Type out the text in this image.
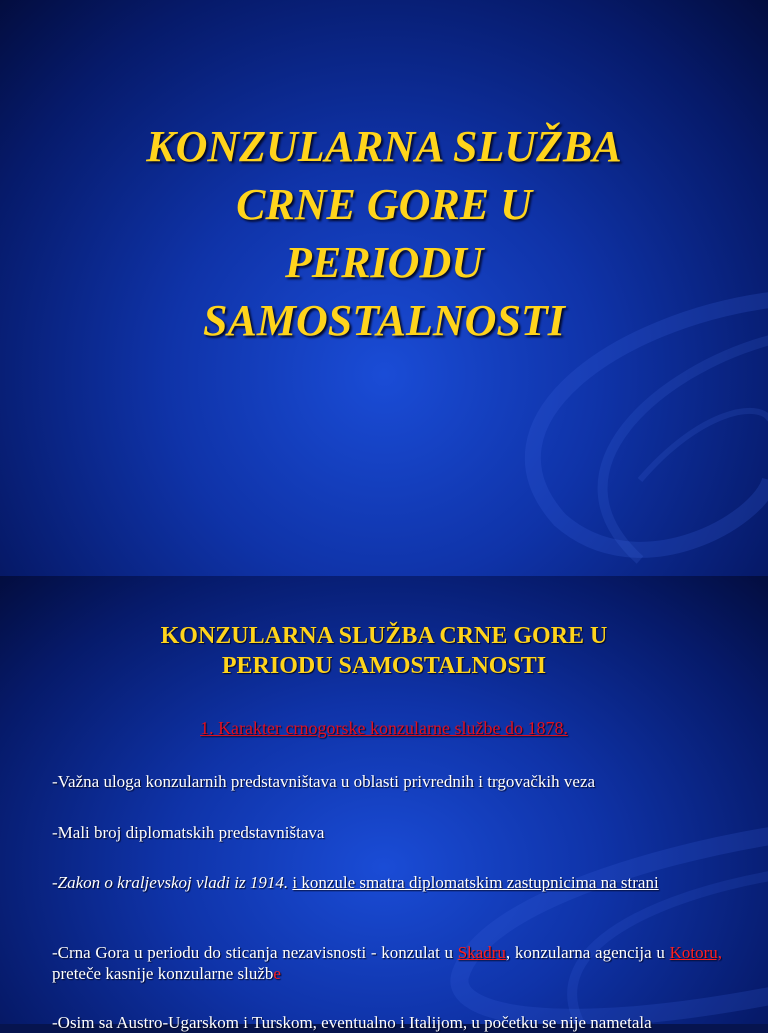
KONZULARNA SLUŽBA
CRNE GORE U
PERIODU
SAMOSTALNOSTI
KONZULARNA SLUŽBA CRNE GORE U
PERIODU SAMOSTALNOSTI

1. Karakter crnogorske konzularne službe do 1878.

-Važna uloga konzularnih predstavništava u oblasti privrednih i trgovačkih veza

-Mali broj diplomatskih predstavništava

-Zakon o kraljevskoj vladi iz 1914. i konzule smatra diplomatskim zastupnicima na strani

-Crna Gora u periodu do sticanja nezavisnosti - konzulat u Skadru, konzularna agencija u Kotoru, preteče kasnije konzularne službe

-Osim sa Austro-Ugarskom i Turskom, eventualno i Italijom, u početku se nije nametala
